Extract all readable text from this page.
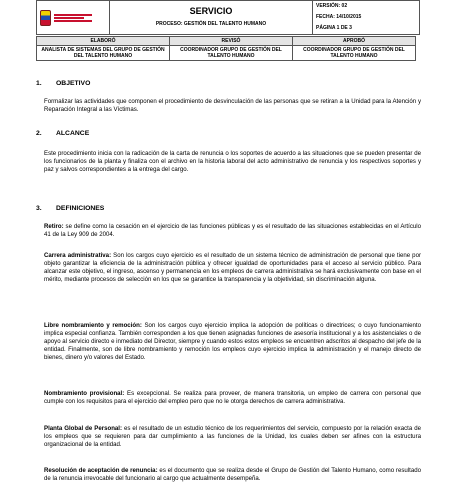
SERVICIO
PROCESO: GESTIÓN DEL TALENTO HUMANO

VERSIÓN: 02
FECHA: 14/10/2015
PÁGINA 1 DE 3
ELABORÓ	REVISÓ	APROBÓ
ANALISTA DE SISTEMAS DEL GRUPO DE GESTIÓN DEL TALENTO HUMANO	COORDINADOR GRUPO DE GESTIÓN DEL TALENTO HUMANO	COORDINADOR GRUPO DE GESTIÓN DEL TALENTO HUMANO
1. OBJETIVO

Formalizar las actividades que componen el procedimiento de desvinculación de las personas que se retiran a la Unidad para la Atención y Reparación Integral a las Víctimas.

2. ALCANCE

Este procedimiento inicia con la radicación de la carta de renuncia o los soportes de acuerdo a las situaciones que se pueden presentar de los funcionarios de la planta y finaliza con el archivo en la historia laboral del acto administrativo de renuncia y los respectivos soportes y paz y salvos correspondientes a la entrega del cargo.

3. DEFINICIONES

Retiro: se define como la cesación en el ejercicio de las funciones públicas y es el resultado de las situaciones establecidas en el Artículo 41 de la Ley 909 de 2004.

Carrera administrativa: Son los cargos cuyo ejercicio es el resultado de un sistema técnico de administración de personal que tiene por objeto garantizar la eficiencia de la administración pública y ofrecer igualdad de oportunidades para el acceso al servicio público. Para alcanzar este objetivo, el ingreso, ascenso y permanencia en los empleos de carrera administrativa se hará exclusivamente con base en el mérito, mediante procesos de selección en los que se garantice la transparencia y la objetividad, sin discriminación alguna.

Libre nombramiento y remoción: Son los cargos cuyo ejercicio implica la adopción de políticas o directrices; o cuyo funcionamiento implica especial confianza. También corresponden a los que tienen asignadas funciones de asesoría institucional y a los asistenciales o de apoyo al servicio directo e inmediato del Director, siempre y cuando estos estos empleos se encuentren adscritos al despacho del jefe de la entidad. Finalmente, son de libre nombramiento y remoción los empleos cuyo ejercicio implica la administración y el manejo directo de bienes, dinero y/o valores del Estado.

Nombramiento provisional: Es excepcional. Se realiza para proveer, de manera transitoria, un empleo de carrera con personal que cumple con los requisitos para el ejercicio del empleo pero que no le otorga derechos de carrera administrativa.

Planta Global de Personal: es el resultado de un estudio técnico de los requerimientos del servicio, compuesto por la relación exacta de los empleos que se requieren para dar cumplimiento a las funciones de la Unidad, los cuales deben ser afines con la estructura organizacional de la entidad.

Resolución de aceptación de renuncia: es el documento que se realiza desde el Grupo de Gestión del Talento Humano, como resultado de la renuncia irrevocable del funcionario al cargo que actualmente desempeña.
